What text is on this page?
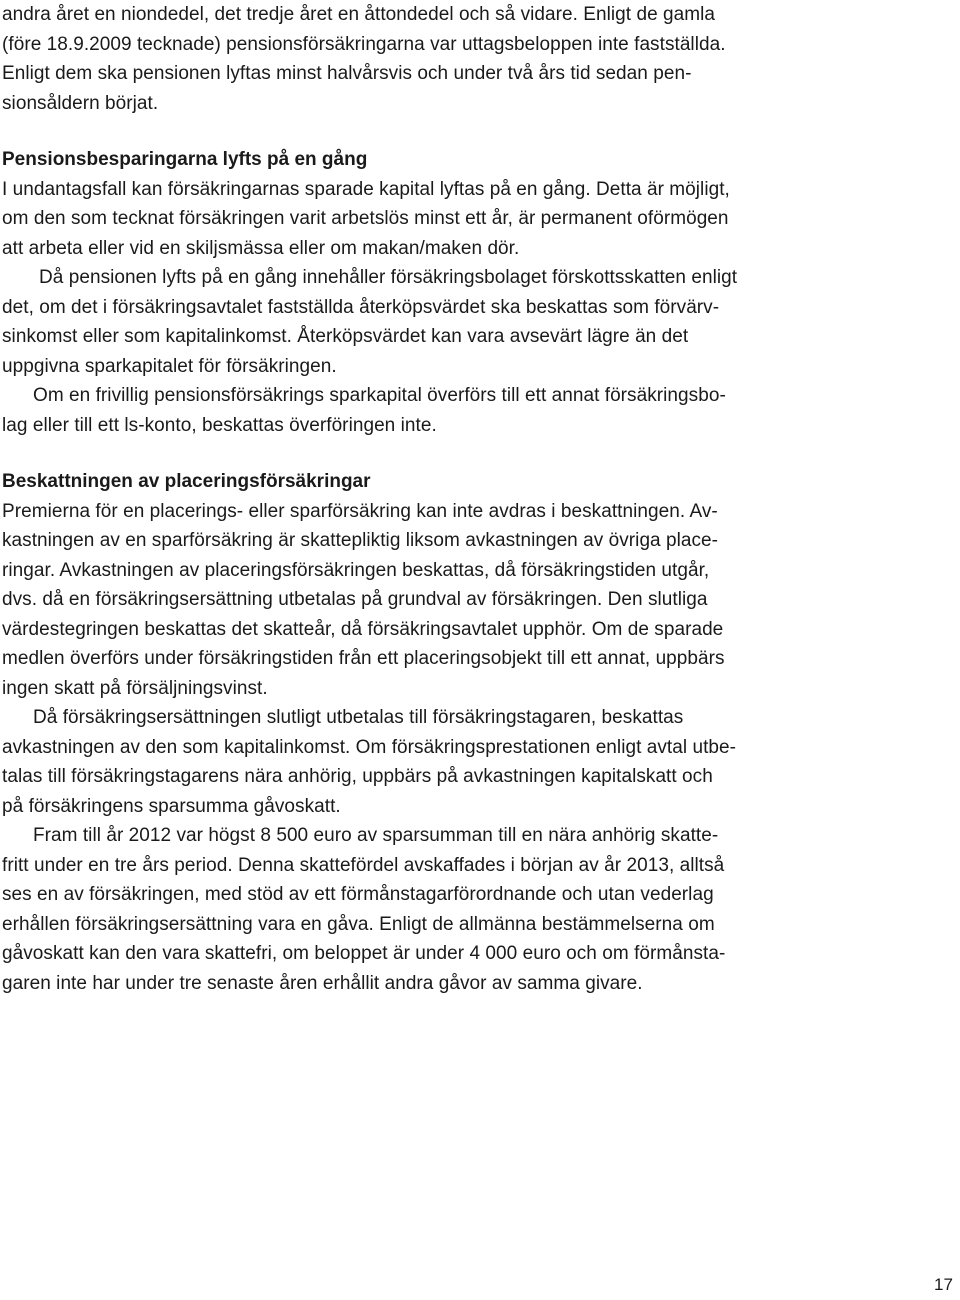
andra året en niondedel, det tredje året en åttondedel och så vidare. Enligt de gamla
(före 18.9.2009 tecknade) pensionsförsäkringarna var uttagsbeloppen inte fastställda.
Enligt dem ska pensionen lyftas minst halvårsvis och under två års tid sedan pen-
sionsåldern börjat.
Pensionsbesparingarna lyfts på en gång
I undantagsfall kan försäkringarnas sparade kapital lyftas på en gång. Detta är möjligt,
om den som tecknat försäkringen varit arbetslös minst ett år, är permanent oförmögen
att arbeta eller vid en skiljsmässa eller om makan/maken dör.
Då pensionen lyfts på en gång innehåller försäkringsbolaget förskottsskatten enligt
det, om det i försäkringsavtalet fastställda återköpsvärdet ska beskattas som förvärv-
sinkomst eller som kapitalinkomst. Återköpsvärdet kan vara avsevärt lägre än det
uppgivna sparkapitalet för försäkringen.
Om en frivillig pensionsförsäkrings sparkapital överförs till ett annat försäkringsbo-
lag eller till ett ls-konto, beskattas överföringen inte.
Beskattningen av placeringsförsäkringar
Premierna för en placerings- eller sparförsäkring kan inte avdras i beskattningen. Av-
kastningen av en sparförsäkring är skattepliktig liksom avkastningen av övriga place-
ringar. Avkastningen av placeringsförsäkringen beskattas, då försäkringstiden utgår,
dvs. då en försäkringsersättning utbetalas på grundval av försäkringen. Den slutliga
värdestegringen beskattas det skatteår, då försäkringsavtalet upphör. Om de sparade
medlen överförs under försäkringstiden från ett placeringsobjekt till ett annat, uppbärs
ingen skatt på försäljningsvinst.
Då försäkringsersättningen slutligt utbetalas till försäkringstagaren, beskattas
avkastningen av den som kapitalinkomst. Om försäkringsprestationen enligt avtal utbe-
talas till försäkringstagarens nära anhörig, uppbärs på avkastningen kapitalskatt och
på försäkringens sparsumma gåvoskatt.
Fram till år 2012 var högst 8 500 euro av sparsumman till en nära anhörig skatte-
fritt under en tre års period. Denna skattefördel avskaffades i början av år 2013, alltså
ses en av försäkringen, med stöd av ett förmånstagarförordnande och utan vederlag
erhållen försäkringsersättning vara en gåva. Enligt de allmänna bestämmelserna om
gåvoskatt kan den vara skattefri, om beloppet är under 4 000 euro och om förmånsta-
garen inte har under tre senaste åren erhållit andra gåvor av samma givare.
17
